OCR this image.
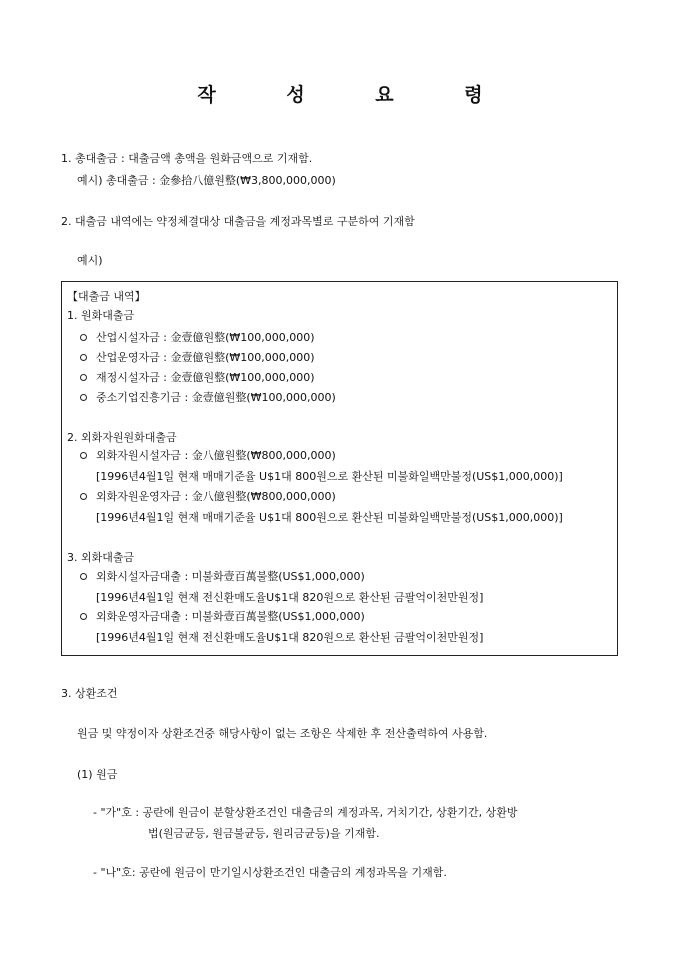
작 성 요 령
1. 총대출금 : 대출금액 총액을 원화금액으로 기재함.
예시) 총대출금 : 金參拾八億원整(₩3,800,000,000)
2. 대출금 내역에는 약정체결대상 대출금을 계정과목별로 구분하여 기재함
예시)
【대출금 내역】
1. 원화대출금
산업시설자금 : 金壹億원整(₩100,000,000)
산업운영자금 : 金壹億원整(₩100,000,000)
재정시설자금 : 金壹億원整(₩100,000,000)
중소기업진흥기금 : 金壹億원整(₩100,000,000)
2. 외화자원원화대출금
외화자원시설자금 : 金八億원整(₩800,000,000)
[1996년4월1일 현재 매매기준율 U$1대 800원으로 환산된 미불화일백만불정(US$1,000,000)]
외화자원운영자금 : 金八億원整(₩800,000,000)
[1996년4월1일 현재 매매기준율 U$1대 800원으로 환산된 미불화일백만불정(US$1,000,000)]
3. 외화대출금
외화시설자금대출 : 미불화壹百萬불整(US$1,000,000)
[1996년4월1일 현재 전신환매도율U$1대 820원으로 환산된 금팔억이천만원정]
외화운영자금대출 : 미불화壹百萬불整(US$1,000,000)
[1996년4월1일 현재 전신환매도율U$1대 820원으로 환산된 금팔억이천만원정]
3. 상환조건
원금 및 약정이자 상환조건중 해당사항이 없는 조항은 삭제한 후 전산출력하여 사용함.
(1) 원금
- "가"호 : 공란에 원금이 분할상환조건인 대출금의 계정과목, 거치기간, 상환기간, 상환방
법(원금균등, 원금불균등, 원리금균등)을 기재함.
- "나"호: 공란에 원금이 만기일시상환조건인 대출금의 계정과목을 기재함.
